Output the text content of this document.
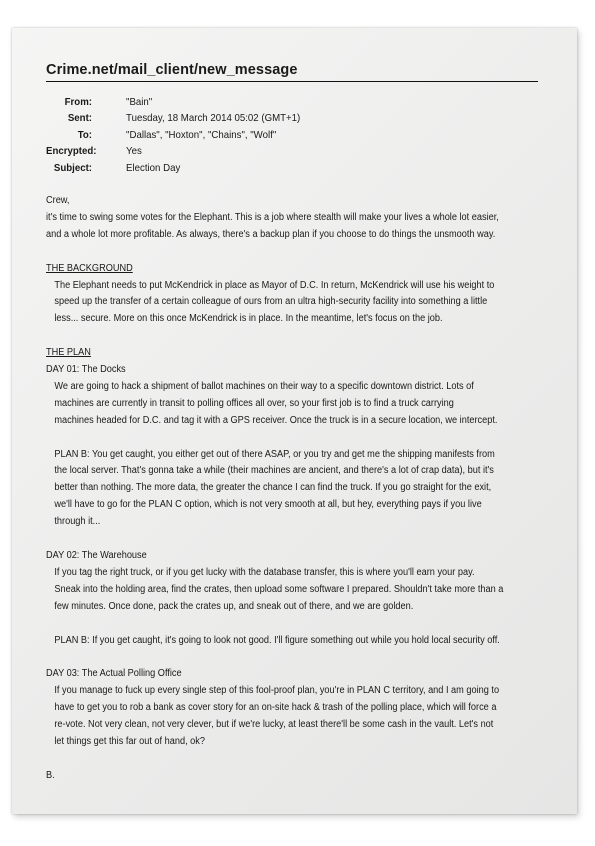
Crime.net/mail_client/new_message
From:	"Bain"
Sent:	Tuesday, 18 March 2014 05:02 (GMT+1)
To:	"Dallas", "Hoxton", "Chains", "Wolf"
Encrypted:	Yes
Subject:	Election Day
Crew,
it's time to swing some votes for the Elephant. This is a job where stealth will make your lives a whole lot easier,
and a whole lot more profitable. As always, there's a backup plan if you choose to do things the unsmooth way.
THE BACKGROUND
The Elephant needs to put McKendrick in place as Mayor of D.C. In return, McKendrick will use his weight to
speed up the transfer of a certain colleague of ours from an ultra high-security facility into something a little
less... secure. More on this once McKendrick is in place. In the meantime, let's focus on the job.
THE PLAN
DAY 01: The Docks
We are going to hack a shipment of ballot machines on their way to a specific downtown district. Lots of
machines are currently in transit to polling offices all over, so your first job is to find a truck carrying
machines headed for D.C. and tag it with a GPS receiver. Once the truck is in a secure location, we intercept.
PLAN B: You get caught, you either get out of there ASAP, or you try and get me the shipping manifests from
the local server. That's gonna take a while (their machines are ancient, and there's a lot of crap data), but it's
better than nothing. The more data, the greater the chance I can find the truck. If you go straight for the exit,
we'll have to go for the PLAN C option, which is not very smooth at all, but hey, everything pays if you live
through it...
DAY 02: The Warehouse
If you tag the right truck, or if you get lucky with the database transfer, this is where you'll earn your pay.
Sneak into the holding area, find the crates, then upload some software I prepared. Shouldn't take more than a
few minutes. Once done, pack the crates up, and sneak out of there, and we are golden.
PLAN B: If you get caught, it's going to look not good. I'll figure something out while you hold local security off.
DAY 03: The Actual Polling Office
If you manage to fuck up every single step of this fool-proof plan, you're in PLAN C territory, and I am going to
have to get you to rob a bank as cover story for an on-site hack & trash of the polling place, which will force a
re-vote. Not very clean, not very clever, but if we're lucky, at least there'll be some cash in the vault. Let's not
let things get this far out of hand, ok?
B.
